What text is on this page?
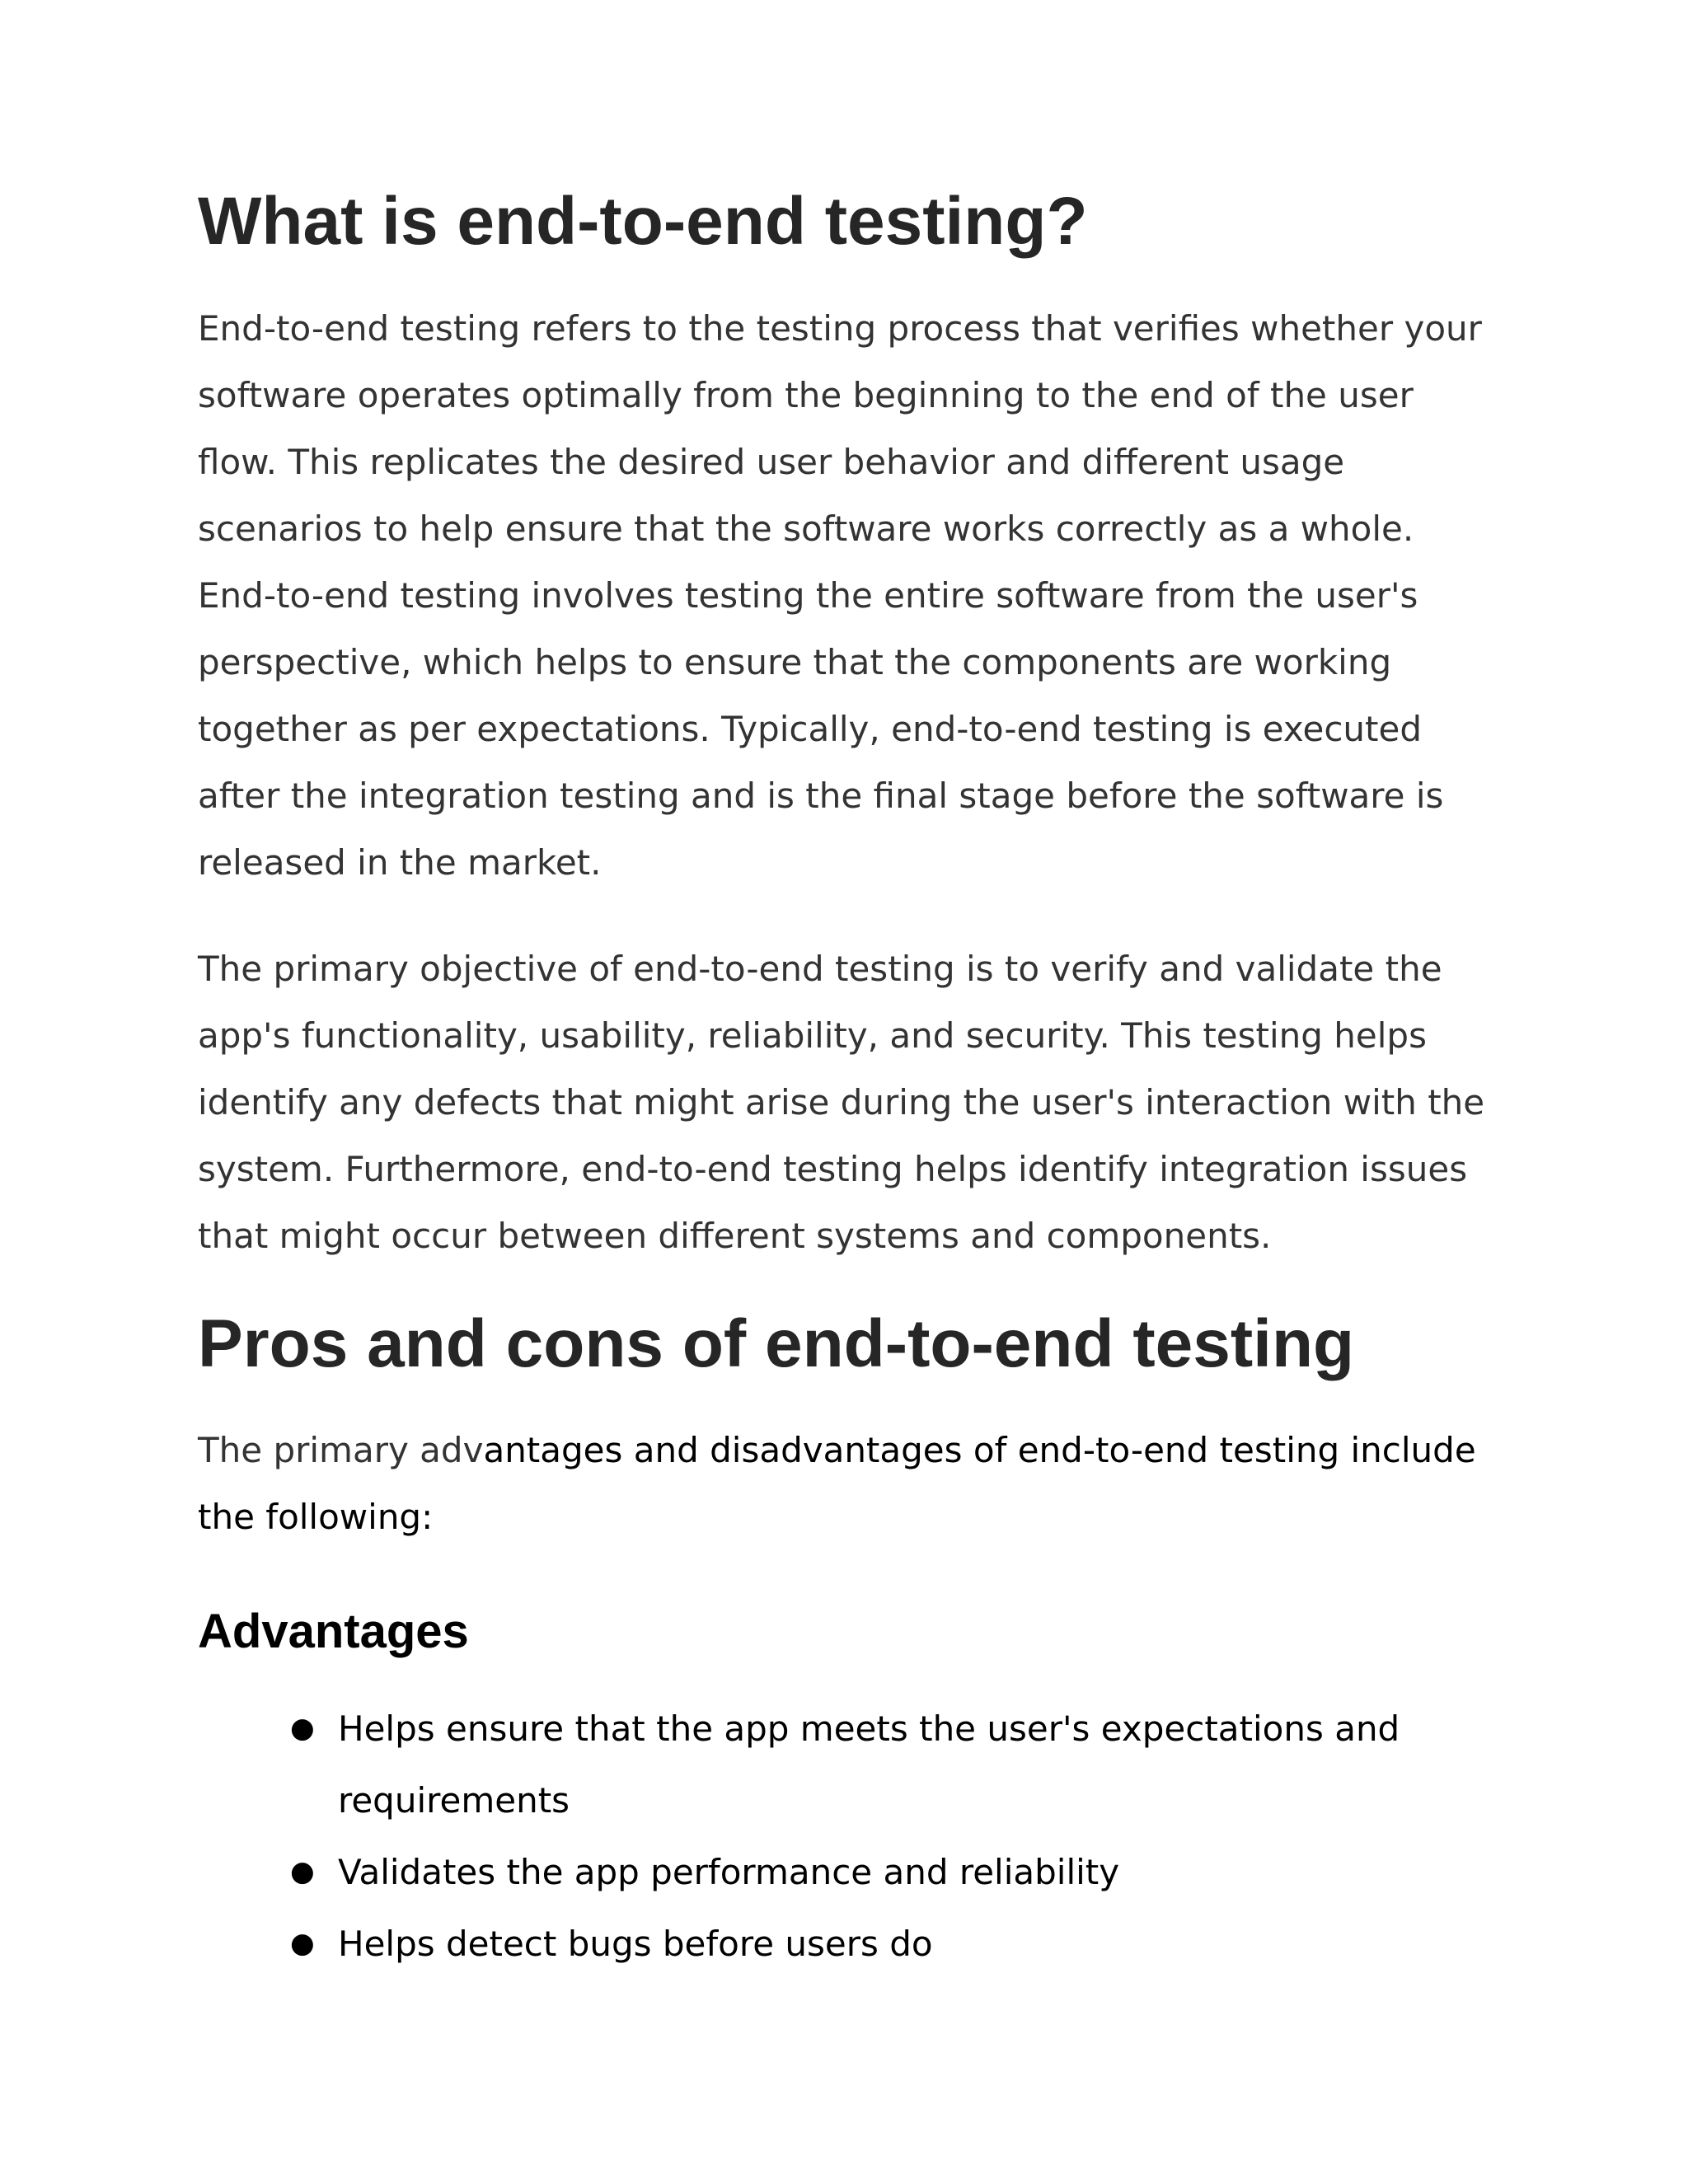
What is end-to-end testing?

End-to-end testing refers to the testing process that verifies whether your software operates optimally from the beginning to the end of the user flow. This replicates the desired user behavior and different usage scenarios to help ensure that the software works correctly as a whole. End-to-end testing involves testing the entire software from the user's perspective, which helps to ensure that the components are working together as per expectations. Typically, end-to-end testing is executed after the integration testing and is the final stage before the software is released in the market.

The primary objective of end-to-end testing is to verify and validate the app's functionality, usability, reliability, and security. This testing helps identify any defects that might arise during the user's interaction with the system. Furthermore, end-to-end testing helps identify integration issues that might occur between different systems and components.

Pros and cons of end-to-end testing

The primary advantages and disadvantages of end-to-end testing include the following:

Advantages
● Helps ensure that the app meets the user's expectations and requirements
● Validates the app performance and reliability
● Helps detect bugs before users do
